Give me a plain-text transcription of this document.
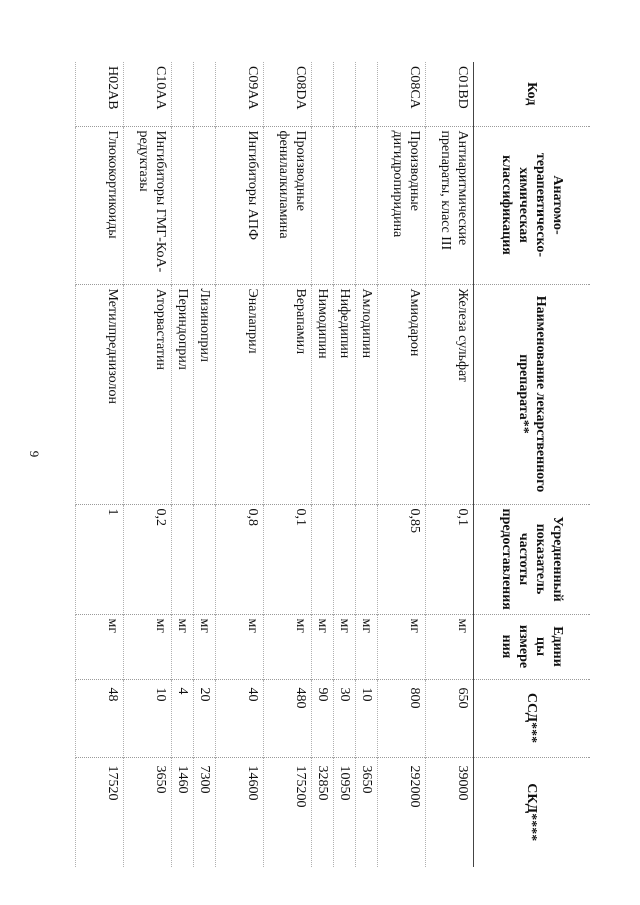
9
Код	Анатомо-терапевтическо-химическая классификация	Наименование лекарственного препарата**	Усредненный показатель частоты предоставления	Едини цы измере ния	ССД***	СКД****
C01BD	Антиаритмические препараты, класс III	Железа сульфат	0,1	мг	650	39000
C08CA	Производные дигидропиридина	Амиодарон	0,85	мг	800	292000
		Амлодипин		мг	10	3650
		Нифедипин		мг	30	10950
		Нимодипин		мг	90	32850
C08DA	Производные фенилалкиламина	Верапамил	0,1	мг	480	175200
C09AA	Ингибиторы АПФ	Эналаприл	0,8	мг	40	14600
		Лизиноприл		мг	20	7300
		Периндоприл		мг	4	1460
C10AA	Ингибиторы ГМГ-КоА-редуктазы	Аторвастатин	0,2	мг	10	3650
H02AB	Глюкокортикоиды	Метилпреднизолон	1	мг	48	17520
